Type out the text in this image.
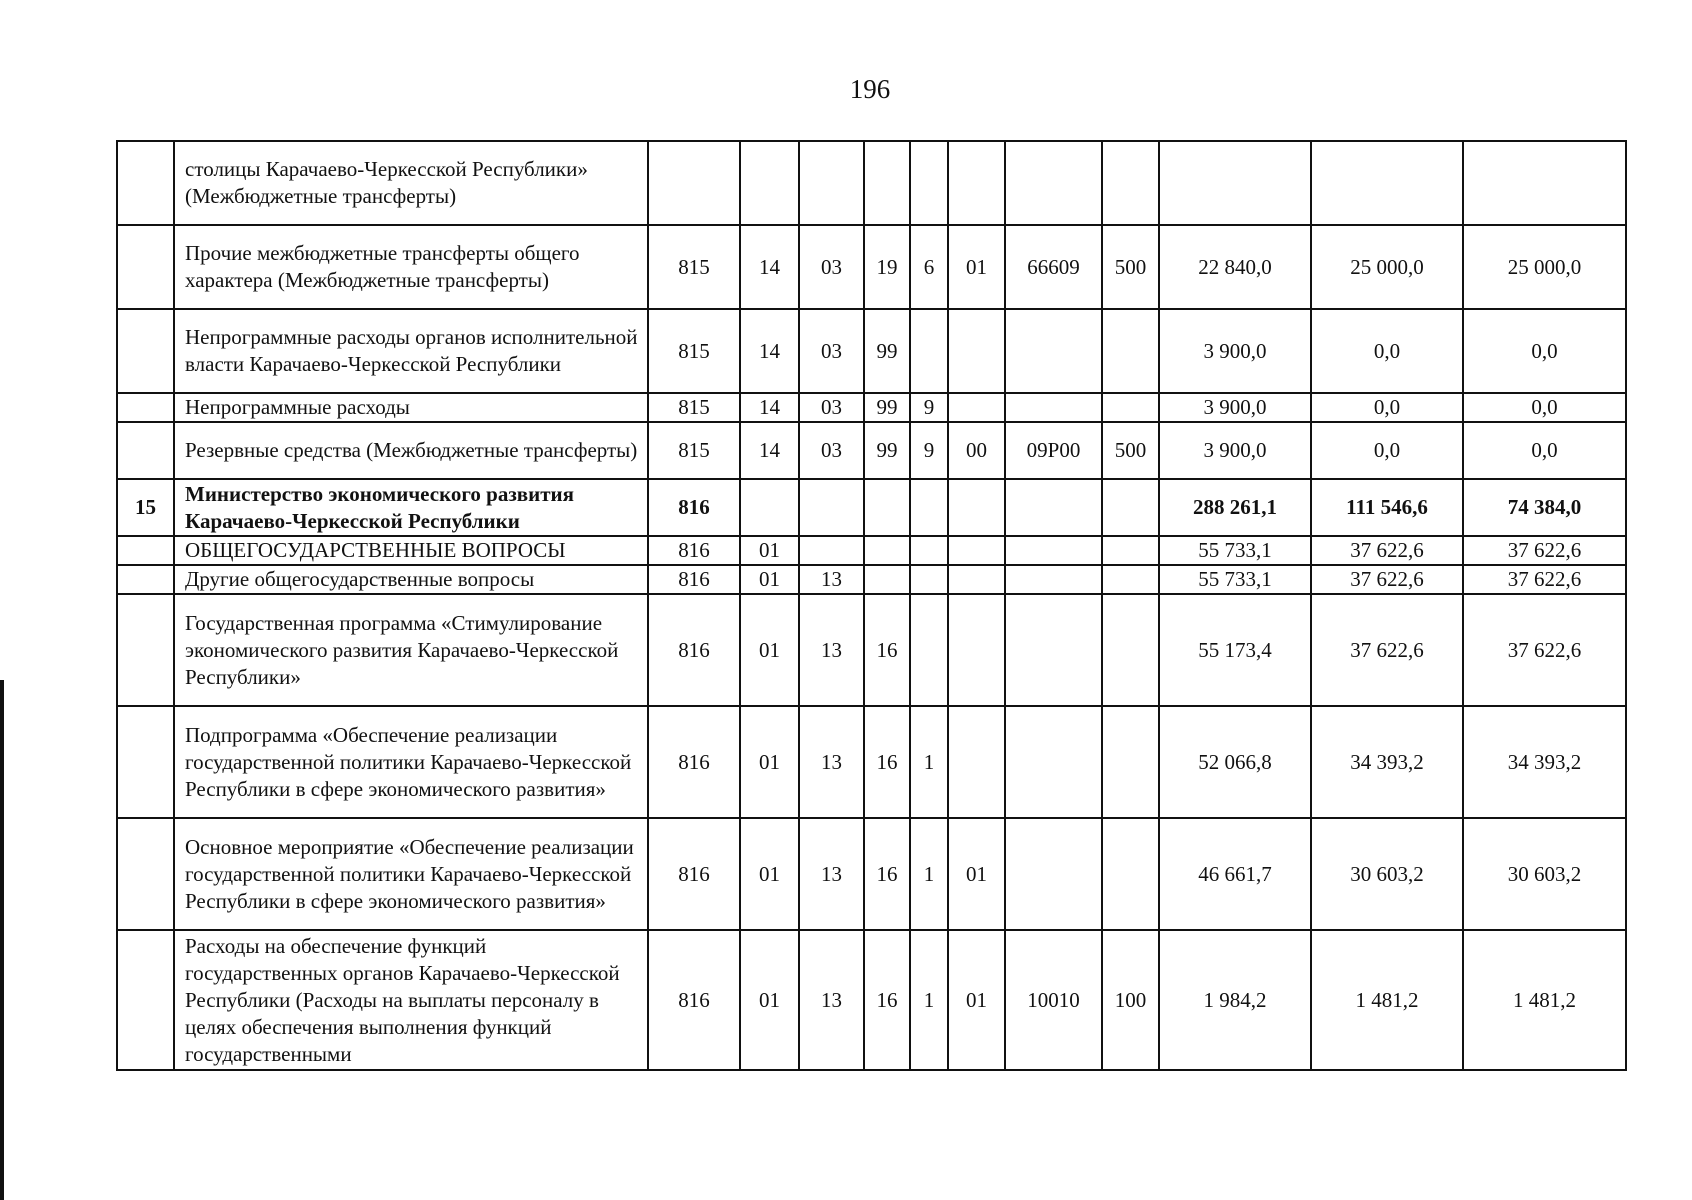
196
	столицы Карачаево-Черкесской Республики» (Межбюджетные трансферты)											
	Прочие межбюджетные трансферты общего характера (Межбюджетные трансферты)	815	14	03	19	6	01	66609	500	22 840,0	25 000,0	25 000,0
	Непрограммные расходы органов исполнительной власти Карачаево-Черкесской Республики	815	14	03	99					3 900,0	0,0	0,0
	Непрограммные расходы	815	14	03	99	9				3 900,0	0,0	0,0
	Резервные средства (Межбюджетные трансферты)	815	14	03	99	9	00	09Р00	500	3 900,0	0,0	0,0
15	Министерство экономического развития Карачаево-Черкесской Республики	816								288 261,1	111 546,6	74 384,0
	ОБЩЕГОСУДАРСТВЕННЫЕ ВОПРОСЫ	816	01							55 733,1	37 622,6	37 622,6
	Другие общегосударственные вопросы	816	01	13						55 733,1	37 622,6	37 622,6
	Государственная программа «Стимулирование экономического развития Карачаево-Черкесской Республики»	816	01	13	16					55 173,4	37 622,6	37 622,6
	Подпрограмма «Обеспечение реализации государственной политики Карачаево-Черкесской Республики в сфере экономического развития»	816	01	13	16	1				52 066,8	34 393,2	34 393,2
	Основное мероприятие «Обеспечение реализации государственной политики Карачаево-Черкесской Республики в сфере экономического развития»	816	01	13	16	1	01			46 661,7	30 603,2	30 603,2
	Расходы на обеспечение функций государственных органов Карачаево-Черкесской Республики (Расходы на выплаты персоналу в целях обеспечения выполнения функций государственными	816	01	13	16	1	01	10010	100	1 984,2	1 481,2	1 481,2
